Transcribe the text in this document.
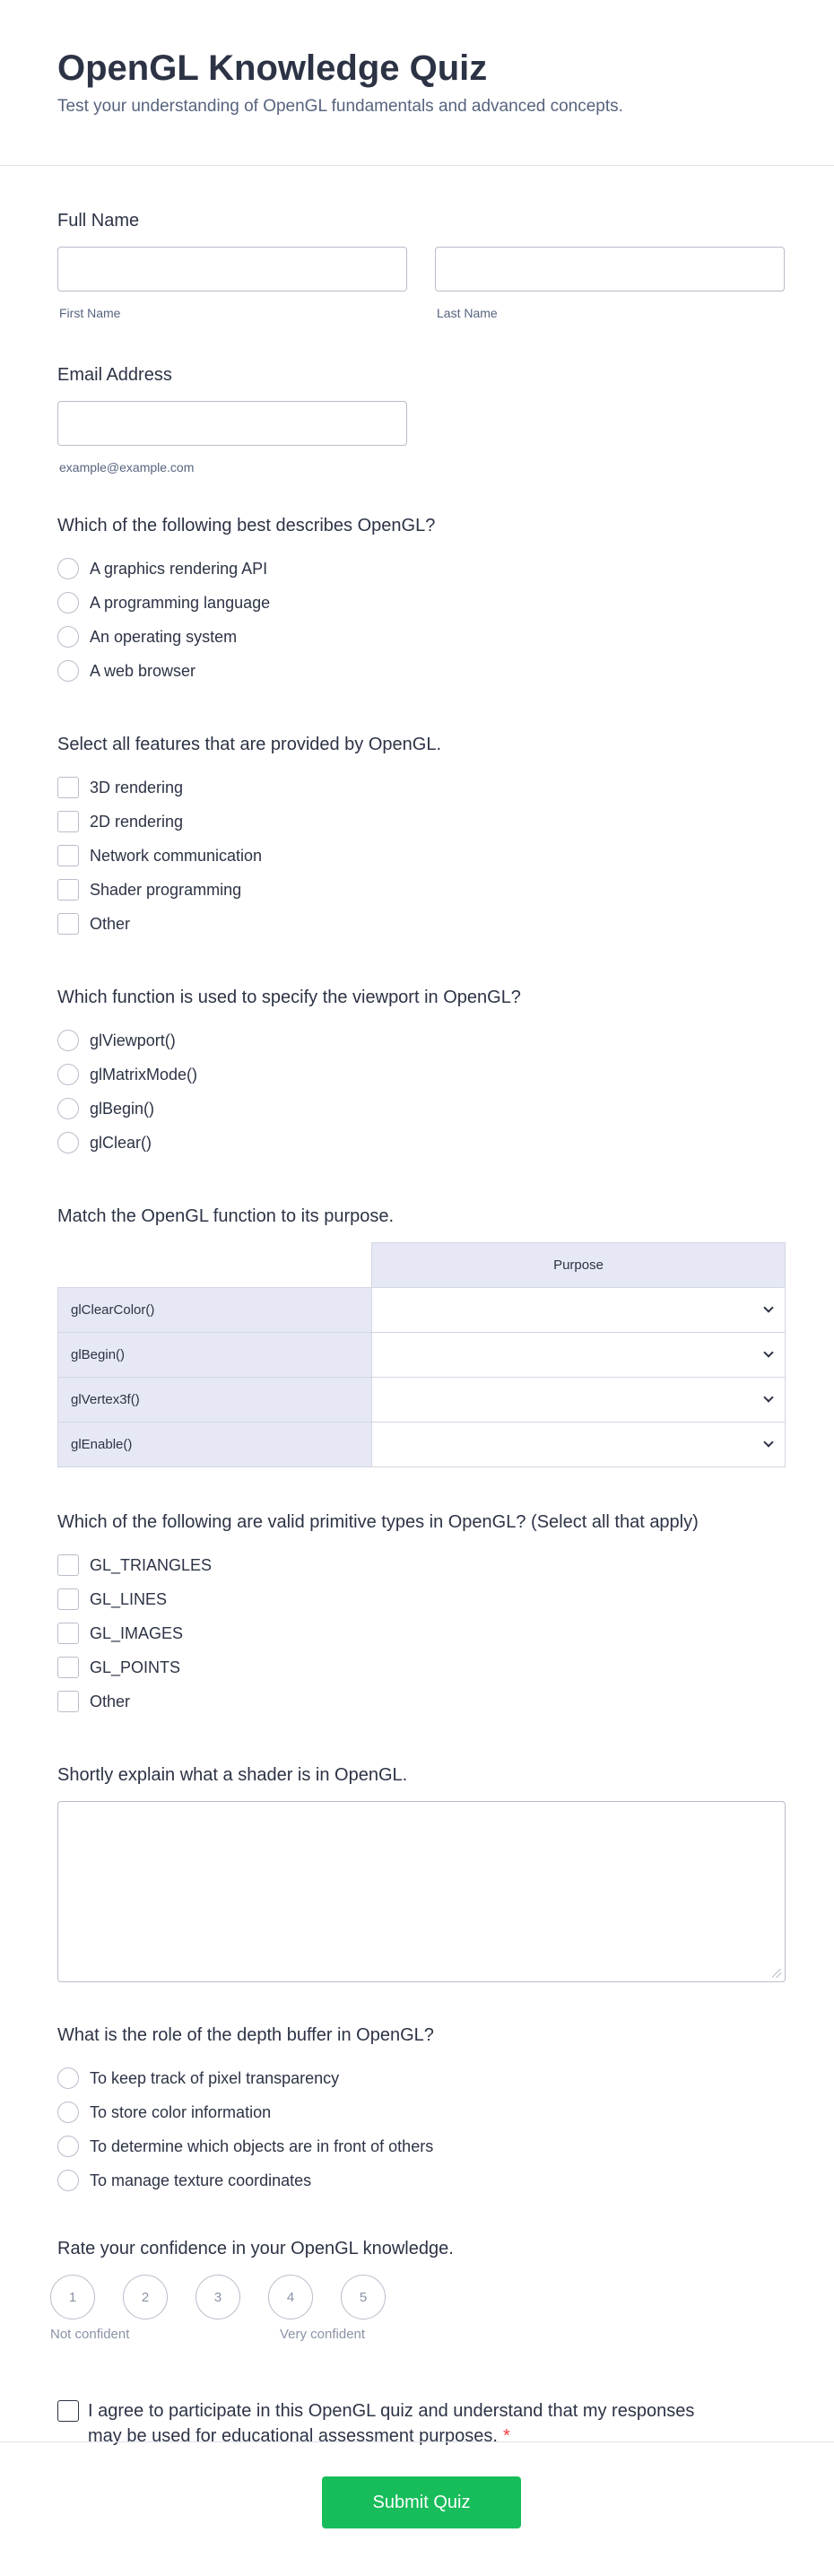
OpenGL Knowledge Quiz

Test your understanding of OpenGL fundamentals and advanced concepts.

Full Name
First Name	Last Name
Email Address
example@example.com
Which of the following best describes OpenGL?
A graphics rendering API
A programming language
An operating system
A web browser
Select all features that are provided by OpenGL.
3D rendering
2D rendering
Network communication
Shader programming
Other
Which function is used to specify the viewport in OpenGL?
glViewport()
glMatrixMode()
glBegin()
glClear()
Match the OpenGL function to its purpose.
	Purpose
glClearColor()	

glBegin()	

glVertex3f()	

glEnable()	
Which of the following are valid primitive types in OpenGL? (Select all that apply)
GL_TRIANGLES
GL_LINES
GL_IMAGES
GL_POINTS
Other
Shortly explain what a shader is in OpenGL.
What is the role of the depth buffer in OpenGL?
To keep track of pixel transparency
To store color information
To determine which objects are in front of others
To manage texture coordinates
Rate your confidence in your OpenGL knowledge.
1	2	3	4	5
Not confident	Very confident
I agree to participate in this OpenGL quiz and understand that my responses may be used for educational assessment purposes. *
Submit Quiz
